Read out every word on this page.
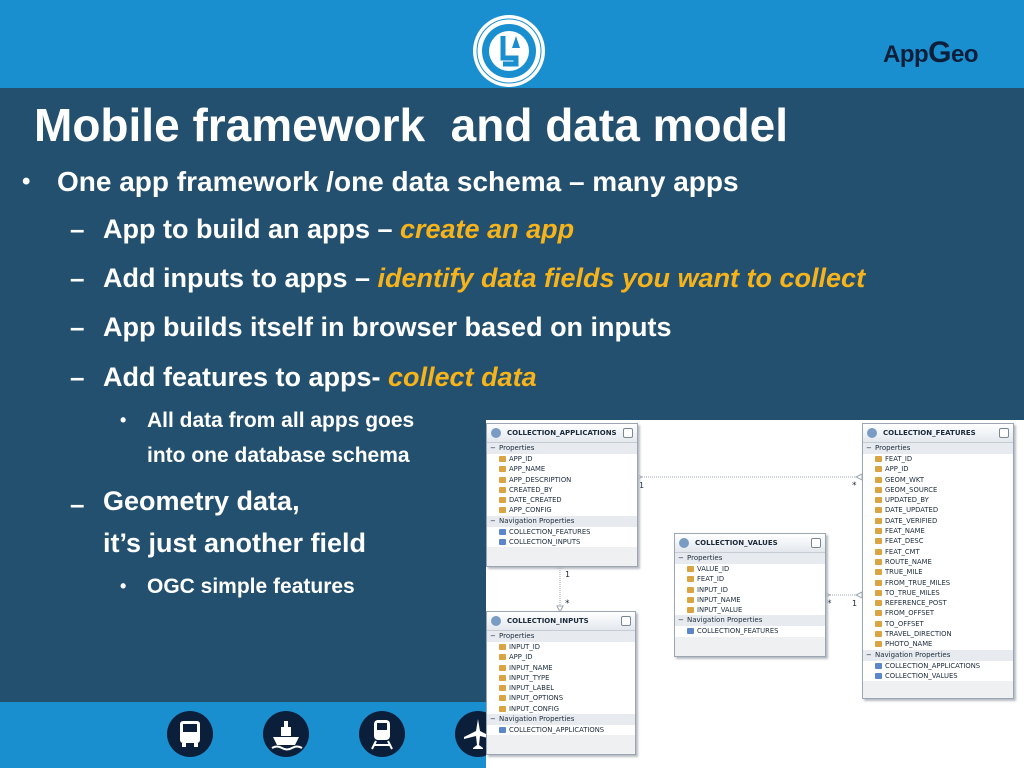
AppGeo
Mobile framework  and data model
• One app framework /one data schema – many apps
– App to build an apps – create an app
– Add inputs to apps – identify data fields you want to collect
– App builds itself in browser based on inputs
– Add features to apps- collect data
• All data from all apps goes
into one database schema
– Geometry data,
it’s just another field
• OGC simple features
1	*
1
*	*	1
COLLECTION_APPLICATIONS
− Properties
APP_ID
APP_NAME
APP_DESCRIPTION
CREATED_BY
DATE_CREATED
APP_CONFIG
− Navigation Properties
COLLECTION_FEATURES
COLLECTION_INPUTS
COLLECTION_INPUTS
− Properties
INPUT_ID
APP_ID
INPUT_NAME
INPUT_TYPE
INPUT_LABEL
INPUT_OPTIONS
INPUT_CONFIG
− Navigation Properties
COLLECTION_APPLICATIONS
COLLECTION_VALUES
− Properties
VALUE_ID
FEAT_ID
INPUT_ID
INPUT_NAME
INPUT_VALUE
− Navigation Properties
COLLECTION_FEATURES
COLLECTION_FEATURES
− Properties
FEAT_ID
APP_ID
GEOM_WKT
GEOM_SOURCE
UPDATED_BY
DATE_UPDATED
DATE_VERIFIED
FEAT_NAME
FEAT_DESC
FEAT_CMT
ROUTE_NAME
TRUE_MILE
FROM_TRUE_MILES
TO_TRUE_MILES
REFERENCE_POST
FROM_OFFSET
TO_OFFSET
TRAVEL_DIRECTION
PHOTO_NAME
− Navigation Properties
COLLECTION_APPLICATIONS
COLLECTION_VALUES
